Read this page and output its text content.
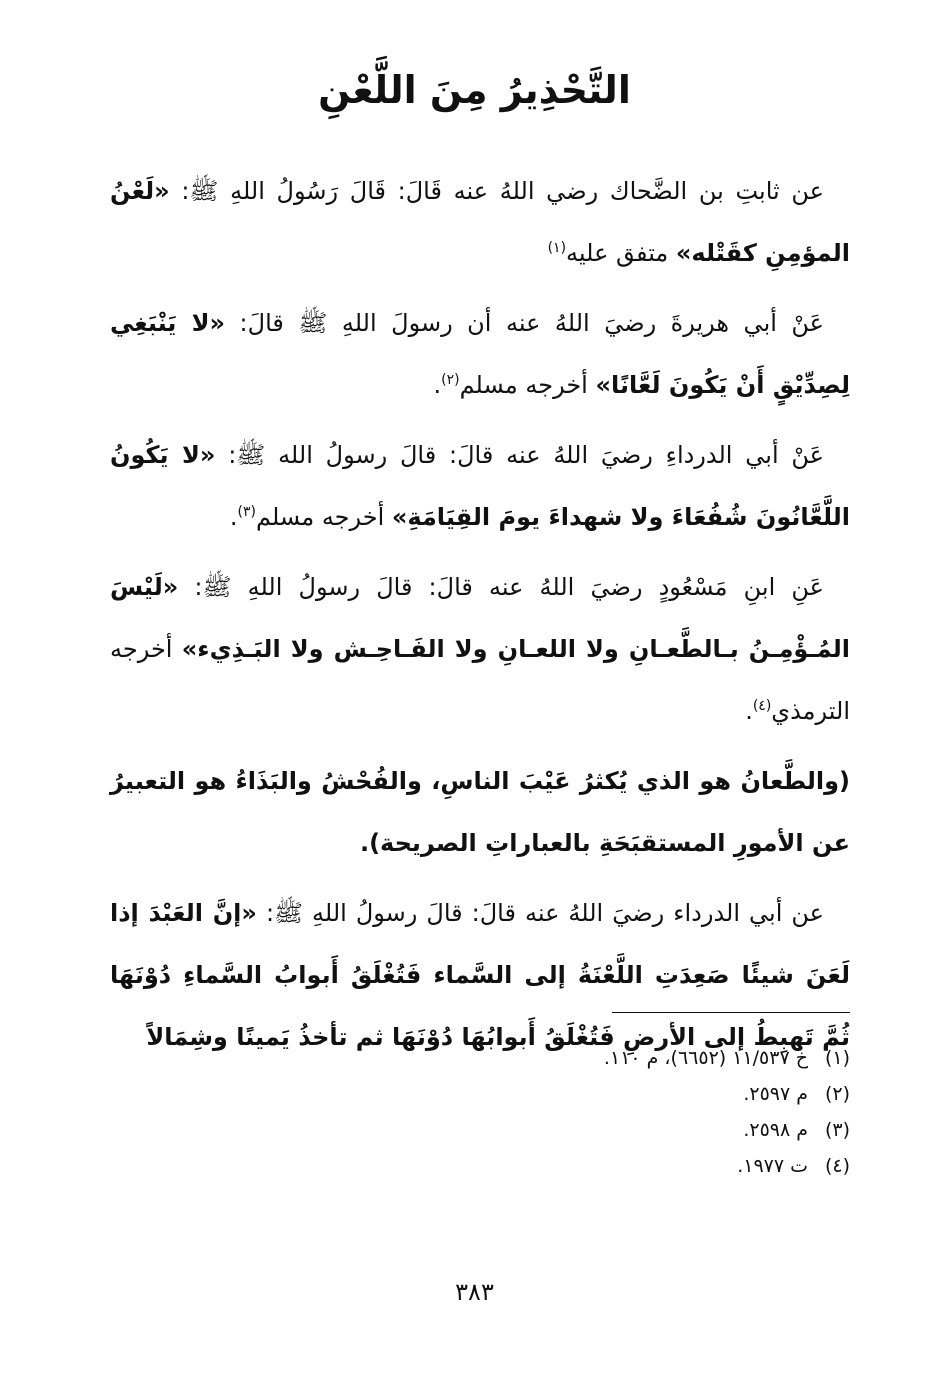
التَّحْذِيرُ مِنَ اللَّعْنِ

عن ثابتِ بن الضَّحاك رضي اللهُ عنه قَالَ: قَالَ رَسُولُ اللهِ ﷺ: «لَعْنُ المؤمِنِ كقَتْله» متفق عليه$^{(١)}$

عَنْ أبي هريرةَ رضيَ اللهُ عنه أن رسولَ اللهِ ﷺ قالَ: «لا يَنْبَغِي لِصِدِّيْقٍ أَنْ يَكُونَ لَعَّانًا» أخرجه مسلم$^{(٢)}$.

عَنْ أبي الدرداءِ رضيَ اللهُ عنه قالَ: قالَ رسولُ الله ﷺ: «لا يَكُونُ اللَّعَّانُونَ شُفُعَاءَ ولا شهداءَ يومَ القِيَامَةِ» أخرجه مسلم$^{(٣)}$.

عَنِ ابنِ مَسْعُودٍ رضيَ اللهُ عنه قالَ: قالَ رسولُ اللهِ ﷺ: «لَيْسَ المُـؤْمِـنُ بـالطَّعـانِ ولا اللعـانِ ولا الفَـاحِـش ولا البَـذِيء» أخرجه الترمذي$^{(٤)}$.

(والطَّعانُ هو الذي يُكثرُ عَيْبَ الناسِ، والفُحْشُ والبَذَاءُ هو التعبيرُ عن الأمورِ المستقبَحَةِ بالعباراتِ الصريحة).

عن أبي الدرداء رضيَ اللهُ عنه قالَ: قالَ رسولُ اللهِ ﷺ: «إنَّ العَبْدَ إذا لَعَنَ شيئًا صَعِدَتِ اللَّعْنَةُ إلى السَّماء فَتُغْلَقُ أَبوابُ السَّماءِ دُوْنَهَا ثُمَّ تَهبِطُ إلى الأرضِ فَتُغْلَقُ أَبوابُهَا دُوْنَهَا ثم تأخذُ يَمينًا وشِمَالاً

(١)خ ١١/٥٣٧ (٦٦٥٢)، م ١١٠.
(٢)م ٢٥٩٧.
(٣)م ٢٥٩٨.
(٤)ت ١٩٧٧.
٣٨٣
